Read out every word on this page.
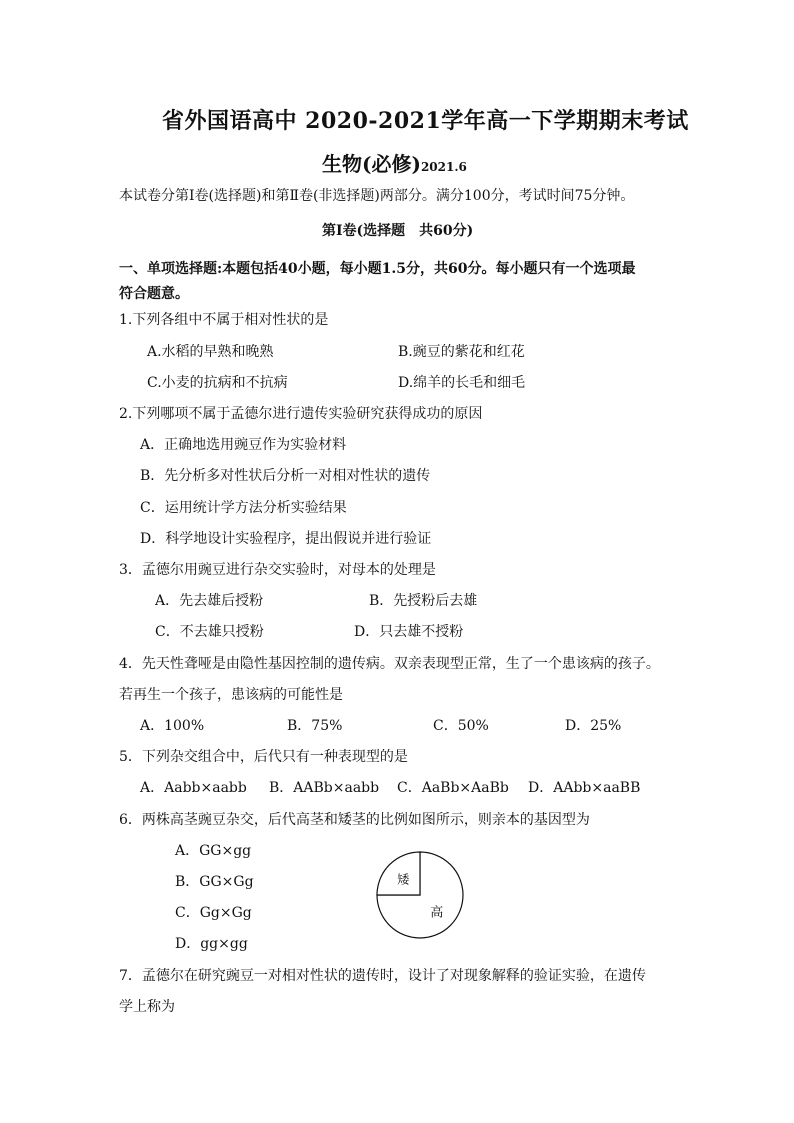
省外国语高中 2020-2021学年高一下学期期末考试
生物(必修)2021.6
本试卷分第Ⅰ卷(选择题)和第Ⅱ卷(非选择题)两部分。满分100分，考试时间75分钟。
第Ⅰ卷(选择题　共60分)
一、单项选择题:本题包括40小题，每小题1.5分，共60分。每小题只有一个选项最
符合题意。
1.下列各组中不属于相对性状的是
A.水稻的早熟和晚熟	B.豌豆的紫花和红花
C.小麦的抗病和不抗病	D.绵羊的长毛和细毛
2.下列哪项不属于孟德尔进行遗传实验研究获得成功的原因
A．正确地选用豌豆作为实验材料
B．先分析多对性状后分析一对相对性状的遗传
C．运用统计学方法分析实验结果
D．科学地设计实验程序，提出假说并进行验证
3．孟德尔用豌豆进行杂交实验时，对母本的处理是
A．先去雄后授粉	B．先授粉后去雄
C．不去雄只授粉	D．只去雄不授粉
4．先天性聋哑是由隐性基因控制的遗传病。双亲表现型正常，生了一个患该病的孩子。
若再生一个孩子，患该病的可能性是
A．100%	B．75%	C．50%	D．25%
5．下列杂交组合中，后代只有一种表现型的是
A．Aabb×aabb B．AABb×aabb C．AaBb×AaBb D．AAbb×aaBB
6．两株高茎豌豆杂交，后代高茎和矮茎的比例如图所示，则亲本的基因型为
A．GG×gg
B．GG×Gg
C．Gg×Gg
D．gg×gg
高
矮
7．孟德尔在研究豌豆一对相对性状的遗传时，设计了对现象解释的验证实验，在遗传
学上称为
